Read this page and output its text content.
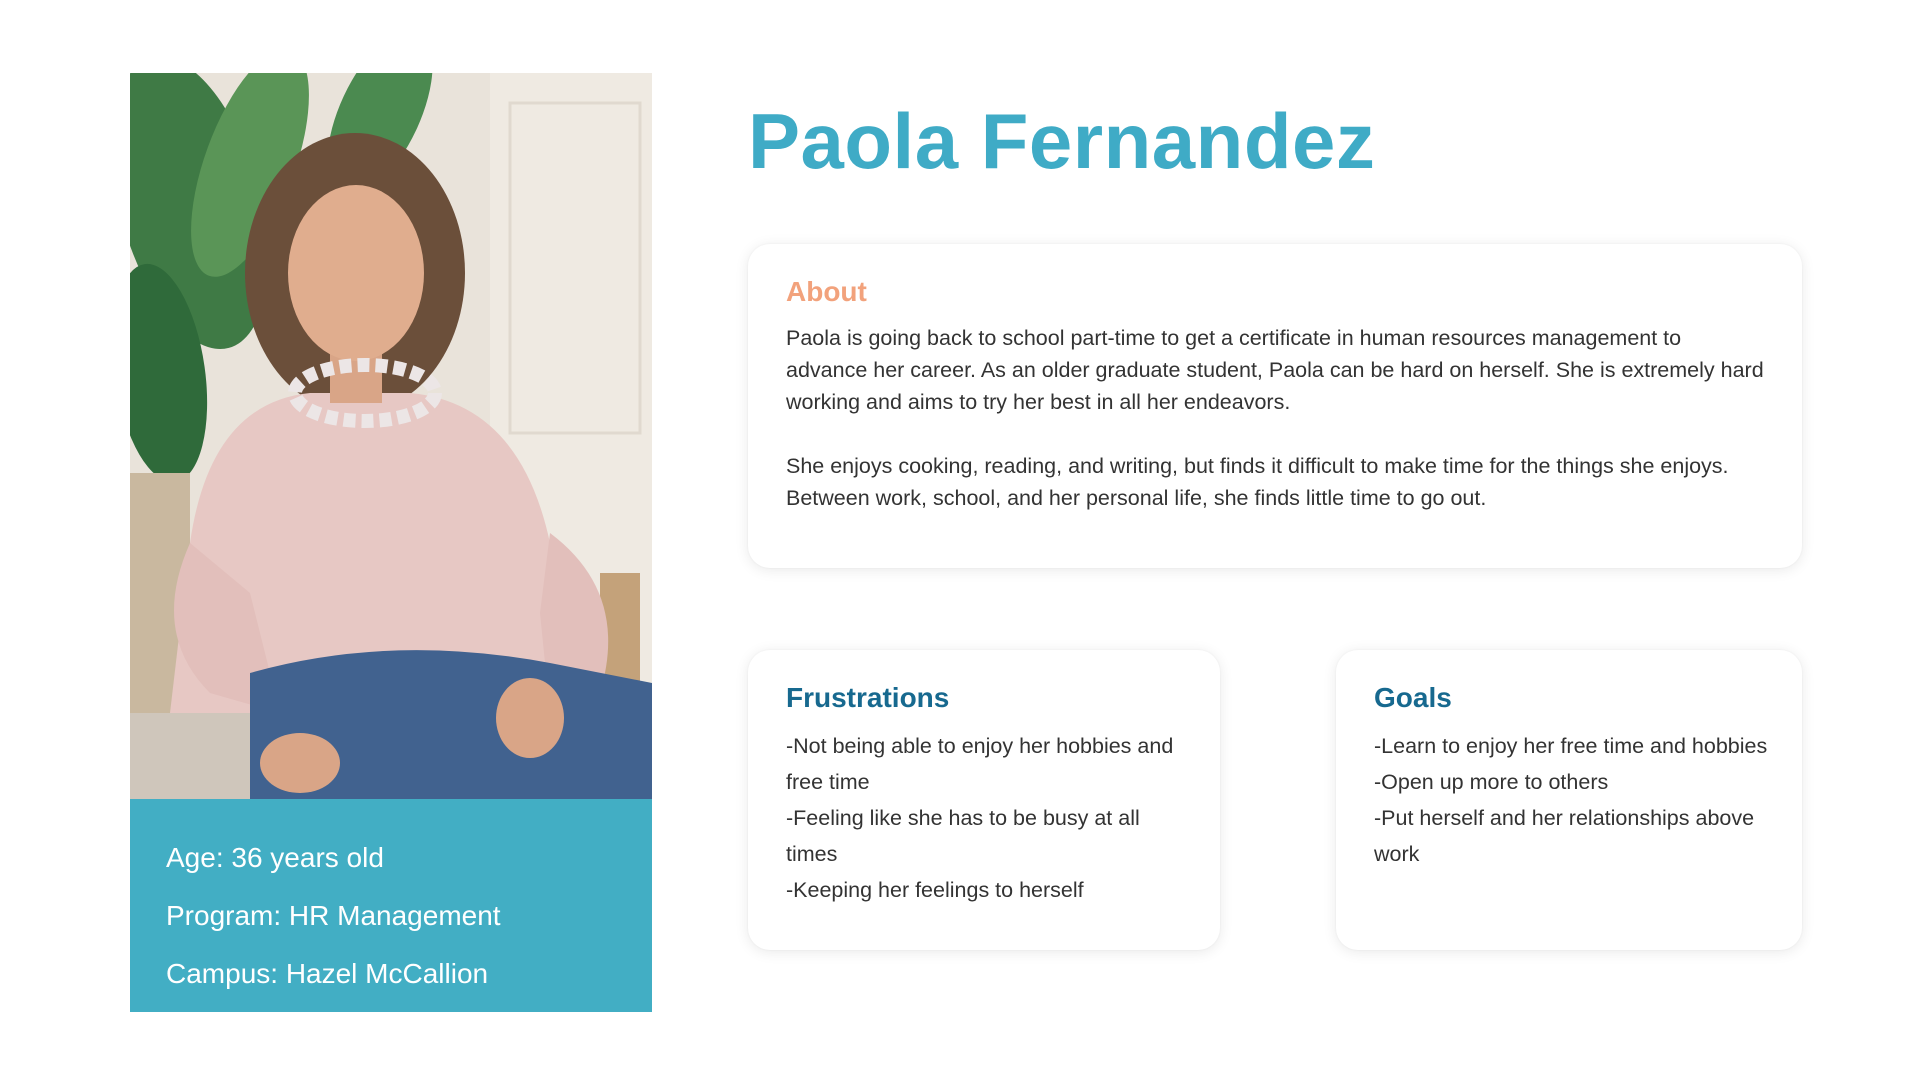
Age: 36 years old
Program: HR Management
Campus: Hazel McCallion
Paola Fernandez
About

Paola is going back to school part-time to get a certificate in human resources management to advance her career. As an older graduate student, Paola can be hard on herself. She is extremely hard working and aims to try her best in all her endeavors.

She enjoys cooking, reading, and writing, but finds it difficult to make time for the things she enjoys. Between work, school, and her personal life, she finds little time to go out.

Frustrations
-Not being able to enjoy her hobbies and free time
-Feeling like she has to be busy at all times
-Keeping her feelings to herself
Goals
-Learn to enjoy her free time and hobbies
-Open up more to others
-Put herself and her relationships above work
